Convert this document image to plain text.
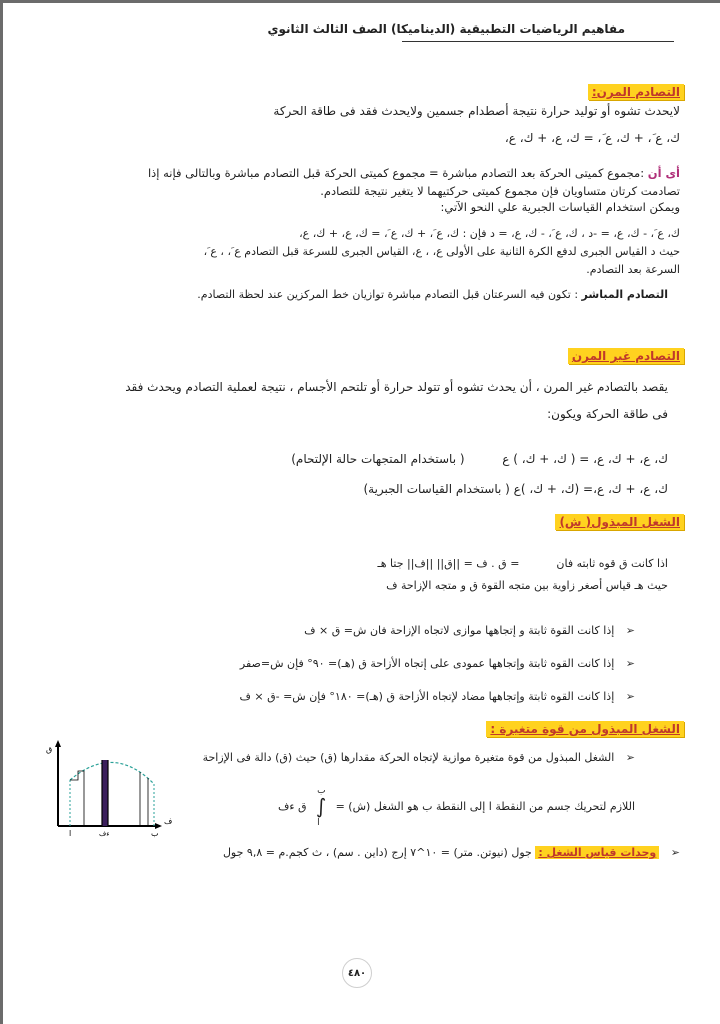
مفاهيم الرياضيات التطبيقية (الديناميكا) الصف الثالث الثانوي
التصادم المرن:
لايحدث تشوه أو توليد حرارة نتيجة أصطدام جسمين ولايحدث فقد فى طاقة الحركة
ك، ع َ، + ك، ع َ، = ك، ع، + ك، ع،
أى أن :مجموع كميتى الحركة بعد التصادم مباشرة = مجموع كميتى الحركة قبل التصادم مباشرة وبالتالى فإنه إذا
تصادمت كرتان متساويان فإن مجموع كميتى حركتيهما لا يتغير نتيجة للتصادم.
ويمكن استخدام القياسات الجبرية علي النحو الآتي:
ك، ع َ، - ك، ع، = -د ، ك، ع َ، - ك، ع، = د فإن : ك، ع َ، + ك، ع َ، = ك، ع، + ك، ع،
حيث د القياس الجبرى لدفع الكرة الثانية على الأولى ع، ، ع، القياس الجبرى للسرعة قبل التصادم ع َ، ، ع َ،
السرعة بعد التصادم.
التصادم المباشر : تكون فيه السرعتان قبل التصادم مباشرة توازيان خط المركزين عند لحظة التصادم.
التصادم غير المرن
يقصد بالتصادم غير المرن ، أن يحدث تشوه أو تتولد حرارة أو تلتحم الأجسام ، نتيجة لعملية التصادم ويحدث فقد
فى طاقة الحركة ويكون:
ك، ع، + ك، ع، = ( ك، + ك، ) ع  ( باستخدام المتجهات حالة الإلتحام)
ك، ع، + ك، ع،= (ك، + ك، )ع ( باستخدام القياسات الجبرية)
الشغل المبذول( ش)
اذا كانت ق قوه ثابته فان  = ق . ف = ||ق|| ||ف|| جتا هـ
حيث هـ قياس أصغر زاوية بين متجه القوة ق و متجه الإزاحة ف
➢ إذا كانت القوة ثابتة و إتجاهها موازى لاتجاه الإزاحة فان ش= ق × ف
➢ إذا كانت القوه ثابتة وإتجاهها عمودى على إتجاه الأزاحة ق (هـ)= ٩٠° فإن ش=صفر
➢ إذا كانت القوه ثابتة وإتجاهها مضاد لإتجاه الأزاحة ق (هـ)= ١٨٠° فإن ش= -ق × ف
الشغل المبذول من قوة متغيرة :
➢ الشغل المبذول من قوة متغيرة موازية لإتجاه الحركة مقدارها (ق) حيث (ق) دالة فى الإزاحة
اللازم لتحريك جسم من النقطة ا إلى النقطة ب هو الشغل (ش) = ∫
ب
ا
ق ءف
➢ وحدات قياس الشغل : جول (نيوتن. متر) = ١٠^٧ إرج (داين . سم) ، ث كجم.م = ٩,٨ جول
ق
ف
ا	ءف	ب
٤٨٠
